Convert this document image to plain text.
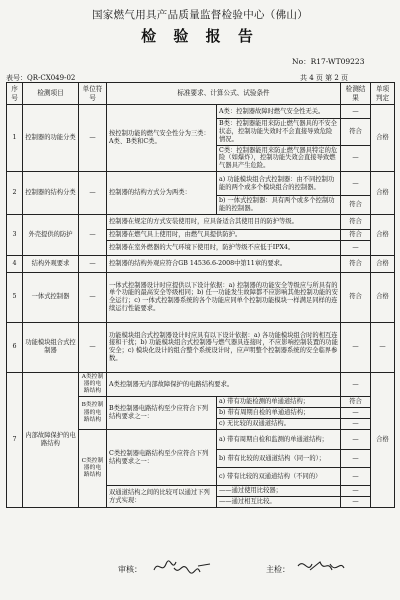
国家燃气用具产品质量监督检验中心（佛山）
检 验 报 告
No：R17-WT09223
表号：QR-CX049-02	共 4 页 第 2 页
序号	检测项目	单位符号	标准要求、计算公式、试验条件		检测结果	单项判定
1	控制器的功能分类	—	按控制功能的燃气安全性分为三类：A类、B类和C类。	A类：控制器故障时燃气安全性无关。	—	合格
				B类：控制器能用来防止燃气器具的不安全状态，控制功能失效时不会直接导致危险情况。	符合	
				C类：控制器能用来防止燃气器具特定的危险（如爆炸），控制功能失效会直接导致燃气器具产生危险。	—	
2	控制器的结构分类	—	控制器的结构方式分为两类：	a) 功能模块组合式控制器：由不同控制功能的两个或多个模块组合的控制器。	—	合格
				b) 一体式控制器：具有两个或多个控制功能的控制器。	符合	
3	外壳提供的防护	—	控制器在规定的方式安装使用时，应具备适合其使用目的防护等级。		符合	合格
			控制器在燃气具上使用时，由燃气具提供防护。		符合	
			控制器在室外燃器的大气环境下使用时，防护等级不应低于IPX4。		—	
4	结构外观要求	—	控制器的结构外观应符合GB 14536.6-2008中第11章的要求。		符合	合格
5	一体式控制器	—	一体式控制器设计时应提供以下设计依据：a) 控制器的功能安全等级应与所具有的单个功能的最高安全等级相同；b) 任一功能发生故障都不应影响其他控制功能的安全运行；c) 一体式控制器系统的各个功能应同单个控制功能模块一样满足同样的连续运行性能要求。		符合	合格
6	功能模块组合式控制器	—	功能模块组合式控制器设计时应具有以下设计依据：a) 各功能模块组合时的相互连接和干扰；b) 功能模块组合式控制器与燃气器具连接时，不应影响控制装置的功能安全；c) 模块化设计的组合整个系统设计时，应声明整个控制器系统的安全临界参数。		—	—
7	内部故障保护的电路结构	A类控制器的电路结构	A类控制器无内部故障保护的电路结构要求。		—	合格
		B类控制器的电路结构	B类控制器电路结构至少应符合下列结构要求之一：	a) 带有功能检测的单通道结构；	符合	
				b) 带有周期自检的单通道结构；	—	
				c) 无比较的双通道结构。	—	
		C类控制器的电路结构	C类控制器电路结构至少应符合下列结构要求之一：	a) 带有周期自检和监测的单通道结构；	—	
				b) 带有比较的双通道结构（同一的）；	—	
				c) 带有比较的双通道结构（不同的）	—	
			双通道结构之间的比较可以通过下列方式实现：	——通过使用比较器；	—	
				——通过相互比较。	—	
审核：	主检：
